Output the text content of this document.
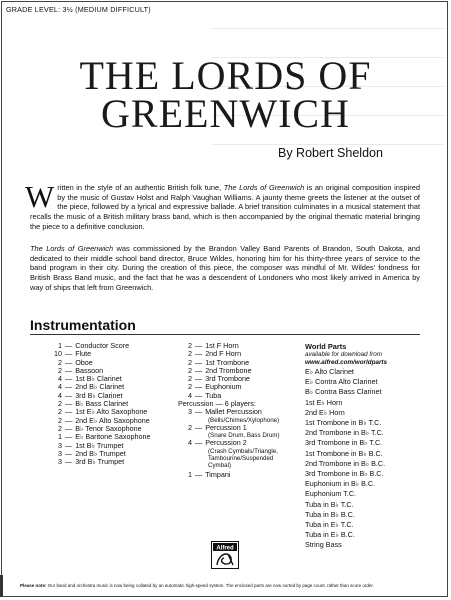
GRADE LEVEL: 3½ (MEDIUM DIFFICULT)
THE LORDS OF
GREENWICH
By Robert Sheldon
Written in the style of an authentic British folk tune, The Lords of Greenwich is an original composition inspired by the music of Gustav Holst and Ralph Vaughan Williams. A jaunty theme greets the listener at the outset of the piece, followed by a lyrical and expressive ballade. A brief transition culminates in a musical statement that recalls the music of a British military brass band, which is then accompanied by the original thematic material bringing the piece to a definitive conclusion.
The Lords of Greenwich was commissioned by the Brandon Valley Band Parents of Brandon, South Dakota, and dedicated to their middle school band director, Bruce Wildes, honoring him for his thirty-three years of service to the band program in their city. During the creation of this piece, the composer was mindful of Mr. Wildes' fondness for British Brass Band music, and the fact that he was a descendent of Londoners who most likely arrived in America by way of ships that left from Greenwich.
Instrumentation
1 — Conductor Score
10 — Flute
2 — Oboe
2 — Bassoon
4 — 1st B♭ Clarinet
4 — 2nd B♭ Clarinet
4 — 3rd B♭ Clarinet
2 — B♭ Bass Clarinet
2 — 1st E♭ Alto Saxophone
2 — 2nd E♭ Alto Saxophone
2 — B♭ Tenor Saxophone
1 — E♭ Baritone Saxophone
3 — 1st B♭ Trumpet
3 — 2nd B♭ Trumpet
3 — 3rd B♭ Trumpet
2 — 1st F Horn
2 — 2nd F Horn
2 — 1st Trombone
2 — 2nd Trombone
2 — 3rd Trombone
2 — Euphonium
4 — Tuba
Percussion — 6 players:
3 — Mallet Percussion
(Bells/Chimes/Xylophone)
2 — Percussion 1
(Snare Drum, Bass Drum)
4 — Percussion 2
(Crash Cymbals/Triangle,
Tambourine/Suspended
Cymbal)
1 — Timpani
World Parts
available for download from
www.alfred.com/worldparts
E♭ Alto Clarinet
E♭ Contra Alto Clarinet
B♭ Contra Bass Clarinet
1st E♭ Horn
2nd E♭ Horn
1st Trombone in B♭ T.C.
2nd Trombone in B♭ T.C.
3rd Trombone in B♭ T.C.
1st Trombone in B♭ B.C.
2nd Trombone in B♭ B.C.
3rd Trombone in B♭ B.C.
Euphonium in B♭ B.C.
Euphonium T.C.
Tuba in B♭ T.C.
Tuba in B♭ B.C.
Tuba in E♭ T.C.
Tuba in E♭ B.C.
String Bass
Alfred
Please note: Our band and orchestra music is now being collated by an automatic high-speed system. The enclosed parts are now sorted by page count, rather than score order.
